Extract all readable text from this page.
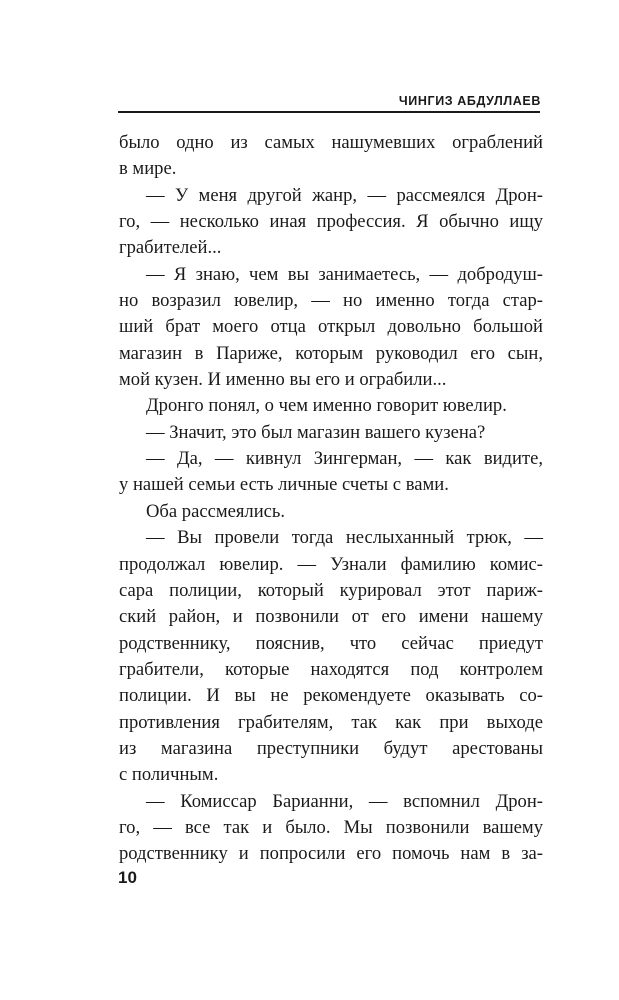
ЧИНГИЗ АБДУЛЛАЕВ
было одно из самых нашумевших ограблений
в мире.
— У меня другой жанр, — рассмеялся Дрон-
го, — несколько иная профессия. Я обычно ищу
грабителей...
— Я знаю, чем вы занимаетесь, — добродуш-
но возразил ювелир, — но именно тогда стар-
ший брат моего отца открыл довольно большой
магазин в Париже, которым руководил его сын,
мой кузен. И именно вы его и ограбили...
Дронго понял, о чем именно говорит ювелир.
— Значит, это был магазин вашего кузена?
— Да, — кивнул Зингерман, — как видите,
у нашей семьи есть личные счеты с вами.
Оба рассмеялись.
— Вы провели тогда неслыханный трюк, —
продолжал ювелир. — Узнали фамилию комис-
сара полиции, который курировал этот париж-
ский район, и позвонили от его имени нашему
родственнику, пояснив, что сейчас приедут
грабители, которые находятся под контролем
полиции. И вы не рекомендуете оказывать со-
противления грабителям, так как при выходе
из магазина преступники будут арестованы
с поличным.
— Комиссар Барианни, — вспомнил Дрон-
го, — все так и было. Мы позвонили вашему
родственнику и попросили его помочь нам в за-
10
